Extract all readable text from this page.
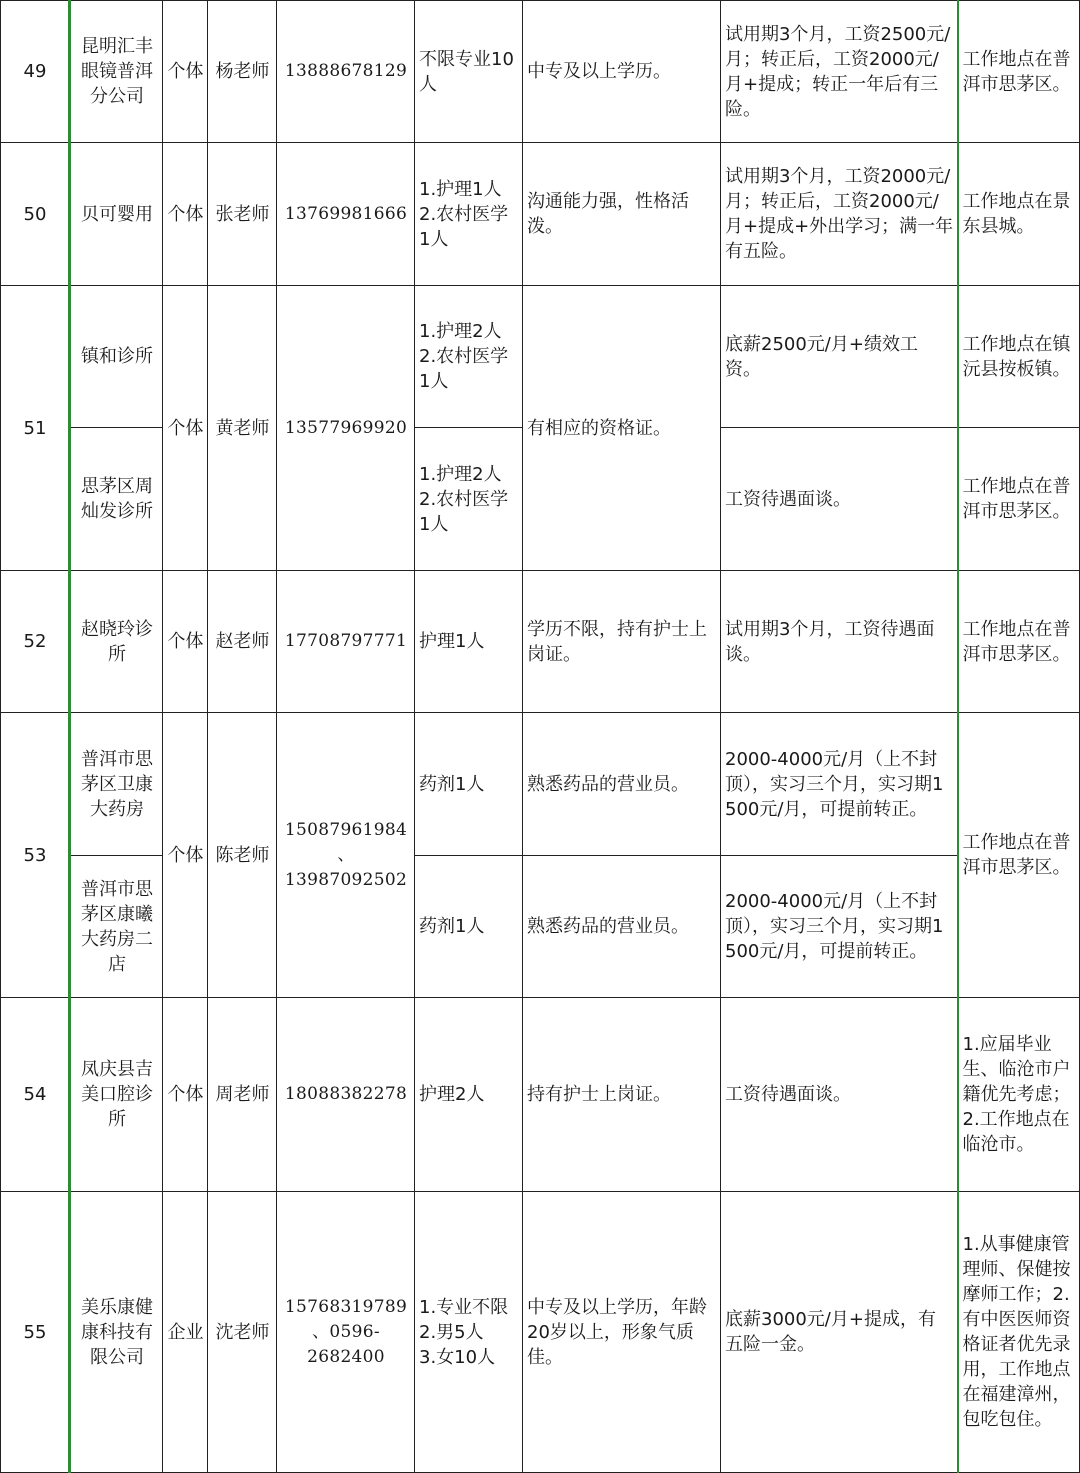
49	昆明汇丰眼镜普洱分公司	个体	杨老师	13888678129	不限专业10人	中专及以上学历。	试用期3个月，工资2500元/月；转正后，工资2000元/月+提成；转正一年后有三险。	工作地点在普洱市思茅区。
50	贝可婴用	个体	张老师	13769981666	1.护理1人
2.农村医学1人	沟通能力强，性格活泼。	试用期3个月，工资2000元/月；转正后，工资2000元/月+提成+外出学习；满一年有五险。	工作地点在景东县城。
51	镇和诊所	个体	黄老师	13577969920	1.护理2人
2.农村医学1人	有相应的资格证。	底薪2500元/月+绩效工资。	工作地点在镇沅县按板镇。
	思茅区周灿发诊所				1.护理2人
2.农村医学1人		工资待遇面谈。	工作地点在普洱市思茅区。
52	赵晓玲诊所	个体	赵老师	17708797771	护理1人	学历不限，持有护士上岗证。	试用期3个月，工资待遇面谈。	工作地点在普洱市思茅区。
53	普洱市思茅区卫康大药房	个体	陈老师	15087961984
、
13987092502	药剂1人	熟悉药品的营业员。	2000-4000元/月（上不封顶），实习三个月，实习期1500元/月，可提前转正。	工作地点在普洱市思茅区。
	普洱市思茅区康曦大药房二店				药剂1人	熟悉药品的营业员。	2000-4000元/月（上不封顶），实习三个月，实习期1500元/月，可提前转正。	
54	凤庆县吉美口腔诊所	个体	周老师	18088382278	护理2人	持有护士上岗证。	工资待遇面谈。	1.应届毕业生、临沧市户籍优先考虑；2.工作地点在临沧市。
55	美乐康健康科技有限公司	企业	沈老师	15768319789
、0596-
2682400	1.专业不限
2.男5人
3.女10人	中专及以上学历，年龄20岁以上，形象气质佳。	底薪3000元/月+提成，有五险一金。	1.从事健康管理师、保健按摩师工作；2.有中医医师资格证者优先录用，工作地点在福建漳州，包吃包住。
